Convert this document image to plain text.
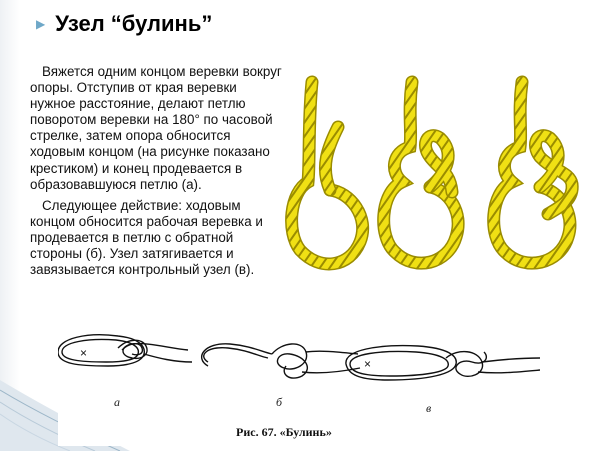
▶ Узел “булинь”

Вяжется одним концом веревки вокруг опоры. Отступив от края веревки нужное расстояние, делают петлю поворотом веревки на 180° по часовой стрелке, затем опора обносится ходовым концом (на рисунке показано крестиком) и конец продевается в образовавшуюся петлю (а).

Следующее действие: ходовым концом обносится рабочая веревка и продевается в петлю с обратной стороны (б). Узел затягивается и завязывается контрольный узел (в).

×
×
а	б	в
Рис. 67. «Булинь»
